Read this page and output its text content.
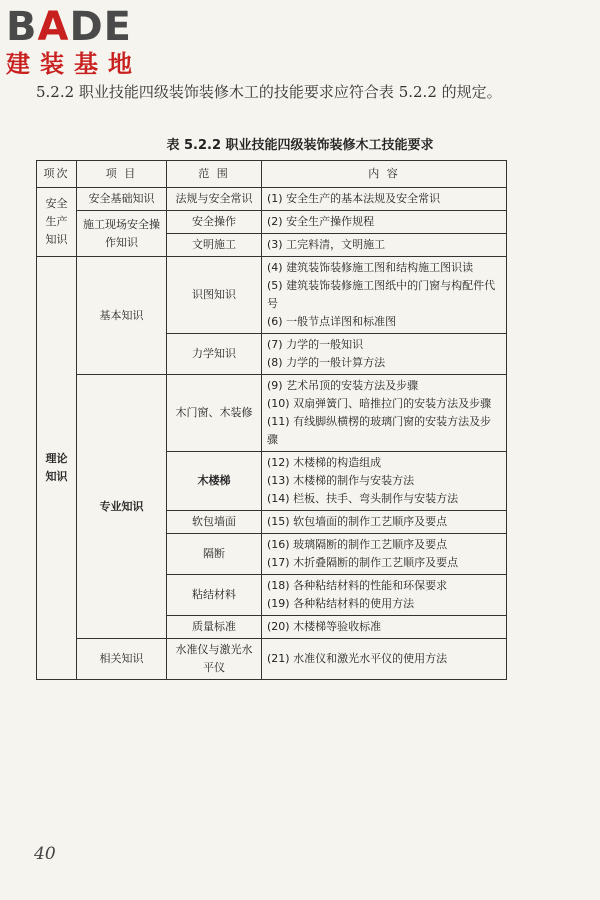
BADE
建装基地
5.2.2 职业技能四级装饰装修木工的技能要求应符合表 5.2.2 的规定。
表 5.2.2 职业技能四级装饰装修木工技能要求
项次	项 目	范 围	内 容
安全生产知识	安全基础知识	法规与安全常识	(1) 安全生产的基本法规及安全常识

	施工现场安全操作知识	安全操作	(2) 安全生产操作规程

		文明施工	(3) 工完料清，文明施工

理论知识	基本知识	识图知识	(4) 建筑装饰装修施工图和结构施工图识读
(5) 建筑装饰装修施工图纸中的门窗与构配件代号
(6) 一般节点详图和标准图

		力学知识	(7) 力学的一般知识
(8) 力学的一般计算方法

	专业知识	木门窗、木装修	(9) 艺术吊顶的安装方法及步骤
(10) 双扇弹簧门、暗推拉门的安装方法及步骤
(11) 有线脚纵横楞的玻璃门窗的安装方法及步骤

		木楼梯	(12) 木楼梯的构造组成
(13) 木楼梯的制作与安装方法
(14) 栏板、扶手、弯头制作与安装方法

		软包墙面	(15) 软包墙面的制作工艺顺序及要点

		隔断	(16) 玻璃隔断的制作工艺顺序及要点
(17) 木折叠隔断的制作工艺顺序及要点

		粘结材料	(18) 各种粘结材料的性能和环保要求
(19) 各种粘结材料的使用方法

		质量标准	(20) 木楼梯等验收标准

	相关知识	水准仪与激光水平仪	(21) 水准仪和激光水平仪的使用方法
40
